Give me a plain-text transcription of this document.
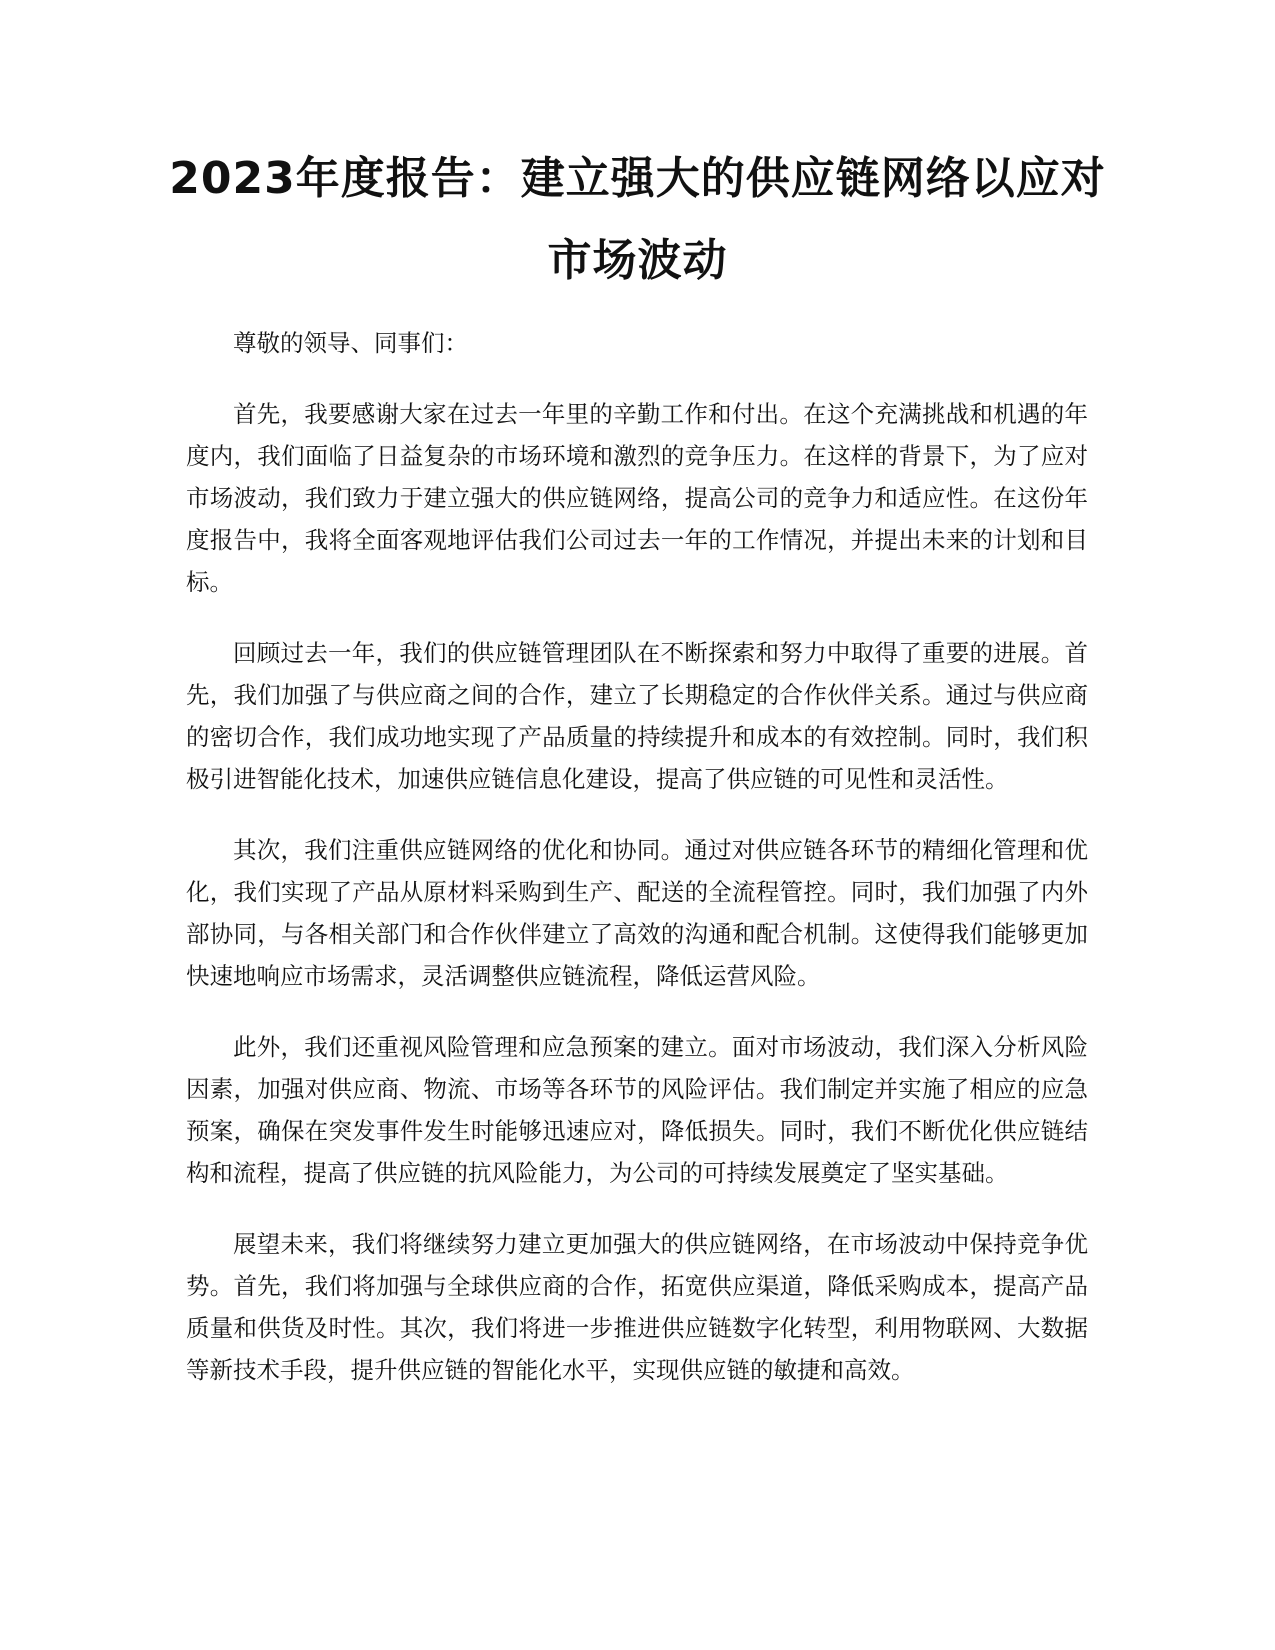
2023年度报告：建立强大的供应链网络以应对市场波动

尊敬的领导、同事们：

首先，我要感谢大家在过去一年里的辛勤工作和付出。在这个充满挑战和机遇的年度内，我们面临了日益复杂的市场环境和激烈的竞争压力。在这样的背景下，为了应对市场波动，我们致力于建立强大的供应链网络，提高公司的竞争力和适应性。在这份年度报告中，我将全面客观地评估我们公司过去一年的工作情况，并提出未来的计划和目标。

回顾过去一年，我们的供应链管理团队在不断探索和努力中取得了重要的进展。首先，我们加强了与供应商之间的合作，建立了长期稳定的合作伙伴关系。通过与供应商的密切合作，我们成功地实现了产品质量的持续提升和成本的有效控制。同时，我们积极引进智能化技术，加速供应链信息化建设，提高了供应链的可见性和灵活性。

其次，我们注重供应链网络的优化和协同。通过对供应链各环节的精细化管理和优化，我们实现了产品从原材料采购到生产、配送的全流程管控。同时，我们加强了内外部协同，与各相关部门和合作伙伴建立了高效的沟通和配合机制。这使得我们能够更加快速地响应市场需求，灵活调整供应链流程，降低运营风险。

此外，我们还重视风险管理和应急预案的建立。面对市场波动，我们深入分析风险因素，加强对供应商、物流、市场等各环节的风险评估。我们制定并实施了相应的应急预案，确保在突发事件发生时能够迅速应对，降低损失。同时，我们不断优化供应链结构和流程，提高了供应链的抗风险能力，为公司的可持续发展奠定了坚实基础。

展望未来，我们将继续努力建立更加强大的供应链网络，在市场波动中保持竞争优势。首先，我们将加强与全球供应商的合作，拓宽供应渠道，降低采购成本，提高产品质量和供货及时性。其次，我们将进一步推进供应链数字化转型，利用物联网、大数据等新技术手段，提升供应链的智能化水平，实现供应链的敏捷和高效。
